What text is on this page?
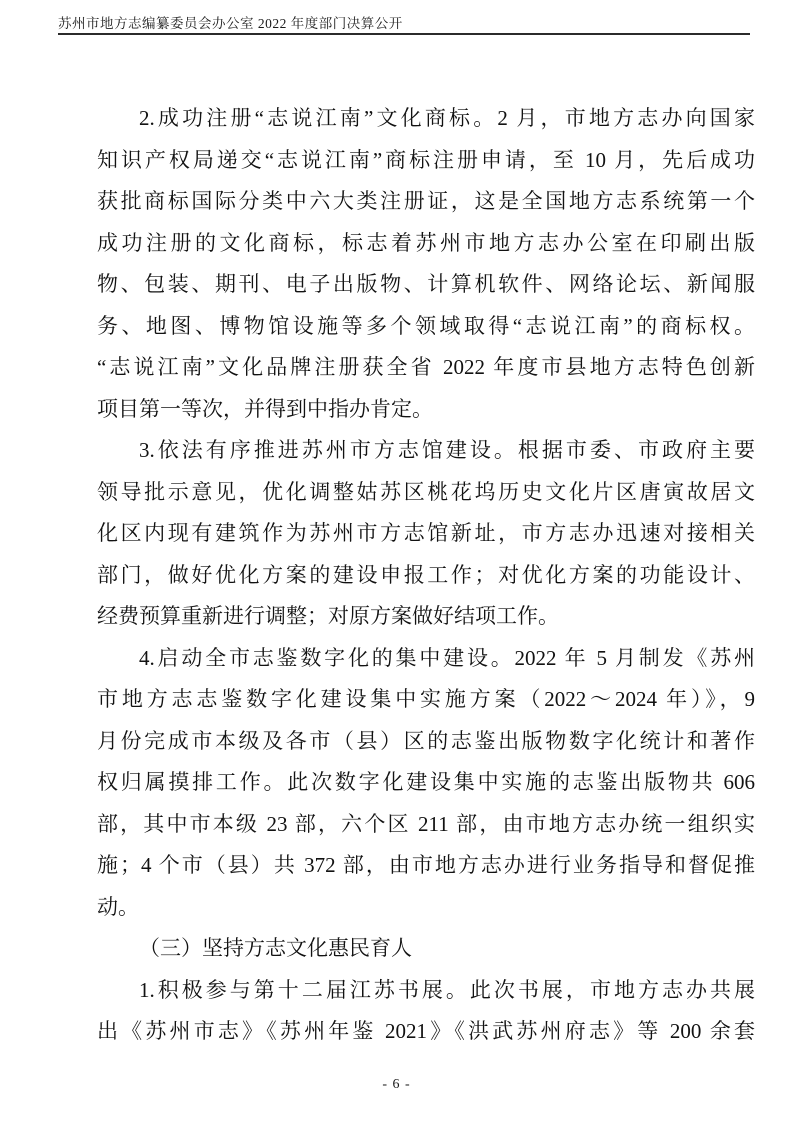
苏州市地方志编纂委员会办公室 2022 年度部门决算公开
2.成功注册“志说江南”文化商标。2 月，市地方志办向国家
知识产权局递交“志说江南”商标注册申请，至 10 月，先后成功
获批商标国际分类中六大类注册证，这是全国地方志系统第一个
成功注册的文化商标，标志着苏州市地方志办公室在印刷出版
物、包装、期刊、电子出版物、计算机软件、网络论坛、新闻服
务、地图、博物馆设施等多个领域取得“志说江南”的商标权。
“志说江南”文化品牌注册获全省 2022 年度市县地方志特色创新
项目第一等次，并得到中指办肯定。
3.依法有序推进苏州市方志馆建设。根据市委、市政府主要
领导批示意见，优化调整姑苏区桃花坞历史文化片区唐寅故居文
化区内现有建筑作为苏州市方志馆新址，市方志办迅速对接相关
部门，做好优化方案的建设申报工作；对优化方案的功能设计、
经费预算重新进行调整；对原方案做好结项工作。
4.启动全市志鉴数字化的集中建设。2022 年 5 月制发《苏州
市地方志志鉴数字化建设集中实施方案（2022～2024 年）》，9
月份完成市本级及各市（县）区的志鉴出版物数字化统计和著作
权归属摸排工作。此次数字化建设集中实施的志鉴出版物共 606
部，其中市本级 23 部，六个区 211 部，由市地方志办统一组织实
施；4 个市（县）共 372 部，由市地方志办进行业务指导和督促推
动。
（三）坚持方志文化惠民育人
1.积极参与第十二届江苏书展。此次书展，市地方志办共展
出《苏州市志》《苏州年鉴 2021》《洪武苏州府志》等 200 余套
- 6 -
